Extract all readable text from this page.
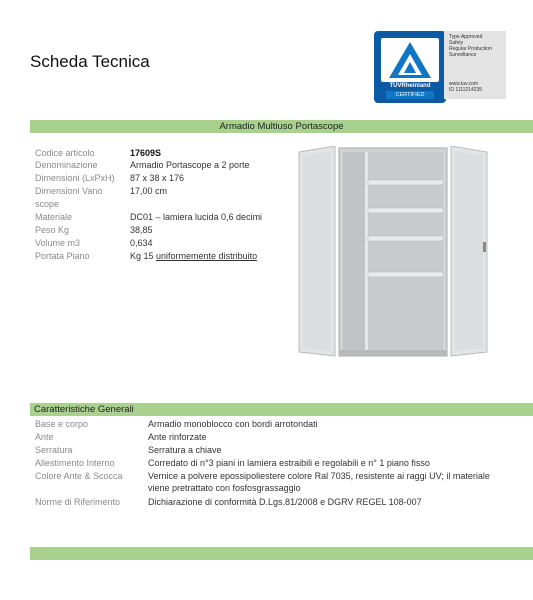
Scheda Tecnica
TÜVRheinland
CERTIFIED
Type Approved
Safety
Regular Production
Surveillance
www.tuv.com
ID 1111214235
Armadio Multiuso Portascope
Codice articolo	17609S
Denominazione	Armadio Portascope a 2 porte
Dimensioni (LxPxH) 87 x 38 x 176
Dimensioni Vano	17,00 cm
scope
Materiale	DC01 – lamiera lucida 0,6 decimi
Peso Kg	38,85
Volume m3	0,634
Portata Piano	Kg 15 uniformemente distribuito
Caratteristiche Generali
Base e corpo	Armadio monoblocco con bordi arrotondati
Ante	Ante rinforzate
Serratura	Serratura a chiave
Allestimento Interno	Corredato di n°3 piani in lamiera estraibili e regolabili e n° 1 piano fisso
Colore Ante & Scocca	Vernice a polvere epossipoliestere colore Ral 7035, resistente ai raggi UV; il materiale viene pretrattato con fosfosgrassaggio
Norme di Riferimento	Dichiarazione di conformità D.Lgs.81/2008 e DGRV REGEL 108-007
